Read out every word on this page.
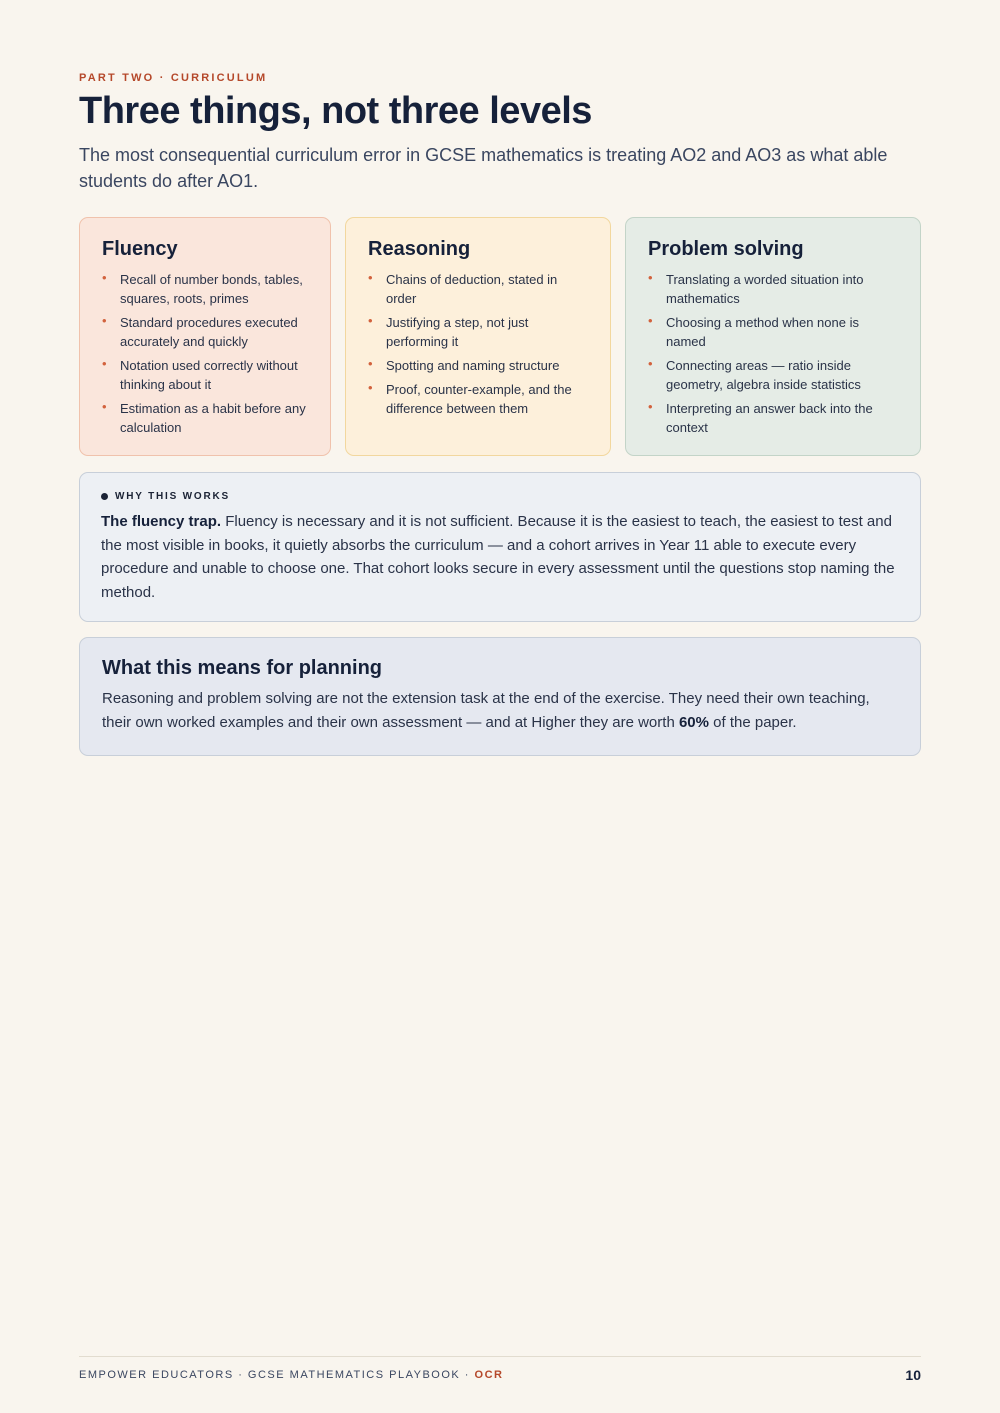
PART TWO · CURRICULUM
Three things, not three levels

The most consequential curriculum error in GCSE mathematics is treating AO2 and AO3 as what able students do after AO1.

Fluency
• Recall of number bonds, tables, squares, roots, primes
• Standard procedures executed accurately and quickly
• Notation used correctly without thinking about it
• Estimation as a habit before any calculation
Reasoning
• Chains of deduction, stated in order
• Justifying a step, not just performing it
• Spotting and naming structure
• Proof, counter-example, and the difference between them
Problem solving
• Translating a worded situation into mathematics
• Choosing a method when none is named
• Connecting areas — ratio inside geometry, algebra inside statistics
• Interpreting an answer back into the context
WHY THIS WORKS
The fluency trap. Fluency is necessary and it is not sufficient. Because it is the easiest to teach, the easiest to test and the most visible in books, it quietly absorbs the curriculum — and a cohort arrives in Year 11 able to execute every procedure and unable to choose one. That cohort looks secure in every assessment until the questions stop naming the method.
What this means for planning
Reasoning and problem solving are not the extension task at the end of the exercise. They need their own teaching, their own worked examples and their own assessment — and at Higher they are worth 60% of the paper.
EMPOWER EDUCATORS · GCSE MATHEMATICS PLAYBOOK · OCR	10
